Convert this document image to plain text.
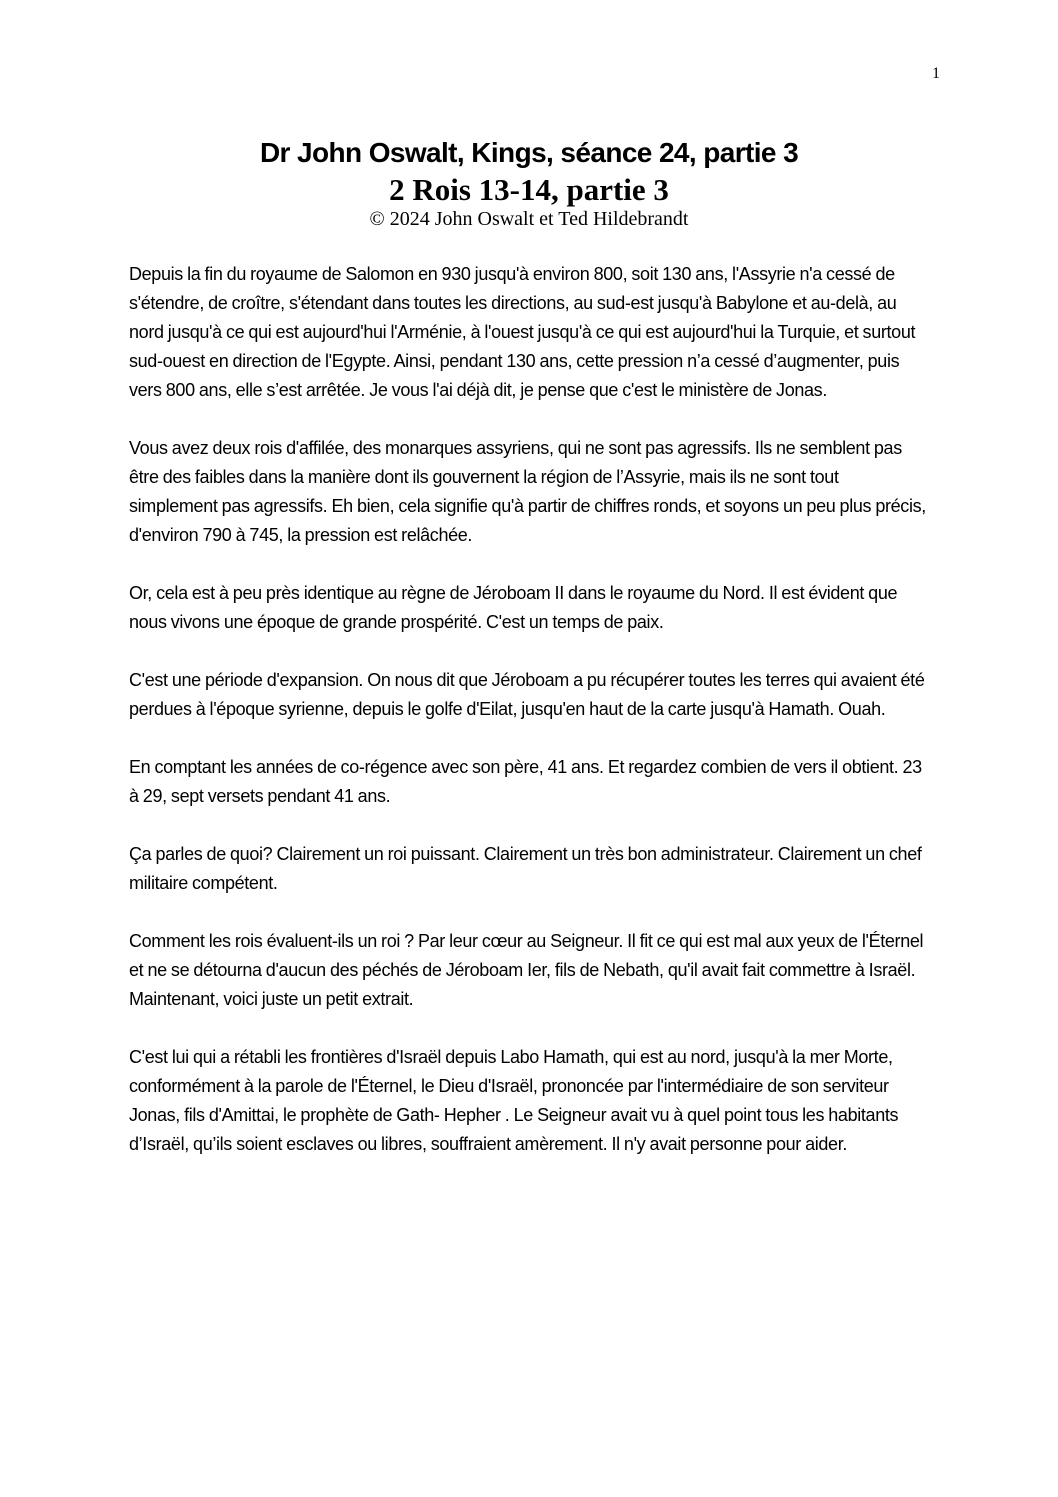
1
Dr John Oswalt, Kings, séance 24, partie 3
2 Rois 13-14, partie 3

© 2024 John Oswalt et Ted Hildebrandt

Depuis la fin du royaume de Salomon en 930 jusqu'à environ 800, soit 130 ans, l'Assyrie n'a cessé de s'étendre, de croître, s'étendant dans toutes les directions, au sud-est jusqu'à Babylone et au-delà, au nord jusqu'à ce qui est aujourd'hui l'Arménie, à l'ouest jusqu'à ce qui est aujourd'hui la Turquie, et surtout sud-ouest en direction de l'Egypte. Ainsi, pendant 130 ans, cette pression n’a cessé d’augmenter, puis vers 800 ans, elle s’est arrêtée. Je vous l'ai déjà dit, je pense que c'est le ministère de Jonas.

Vous avez deux rois d'affilée, des monarques assyriens, qui ne sont pas agressifs. Ils ne semblent pas être des faibles dans la manière dont ils gouvernent la région de l’Assyrie, mais ils ne sont tout simplement pas agressifs. Eh bien, cela signifie qu'à partir de chiffres ronds, et soyons un peu plus précis, d'environ 790 à 745, la pression est relâchée.

Or, cela est à peu près identique au règne de Jéroboam II dans le royaume du Nord. Il est évident que nous vivons une époque de grande prospérité. C'est un temps de paix.

C'est une période d'expansion. On nous dit que Jéroboam a pu récupérer toutes les terres qui avaient été perdues à l'époque syrienne, depuis le golfe d'Eilat, jusqu'en haut de la carte jusqu'à Hamath. Ouah.

En comptant les années de co-régence avec son père, 41 ans. Et regardez combien de vers il obtient. 23 à 29, sept versets pendant 41 ans.

Ça parles de quoi? Clairement un roi puissant. Clairement un très bon administrateur. Clairement un chef militaire compétent.

Comment les rois évaluent-ils un roi ? Par leur cœur au Seigneur. Il fit ce qui est mal aux yeux de l'Éternel et ne se détourna d'aucun des péchés de Jéroboam Ier, fils de Nebath, qu'il avait fait commettre à Israël. Maintenant, voici juste un petit extrait.

C'est lui qui a rétabli les frontières d'Israël depuis Labo Hamath, qui est au nord, jusqu'à la mer Morte, conformément à la parole de l'Éternel, le Dieu d'Israël, prononcée par l'intermédiaire de son serviteur Jonas, fils d'Amittai, le prophète de Gath- Hepher . Le Seigneur avait vu à quel point tous les habitants d’Israël, qu’ils soient esclaves ou libres, souffraient amèrement. Il n'y avait personne pour aider.
